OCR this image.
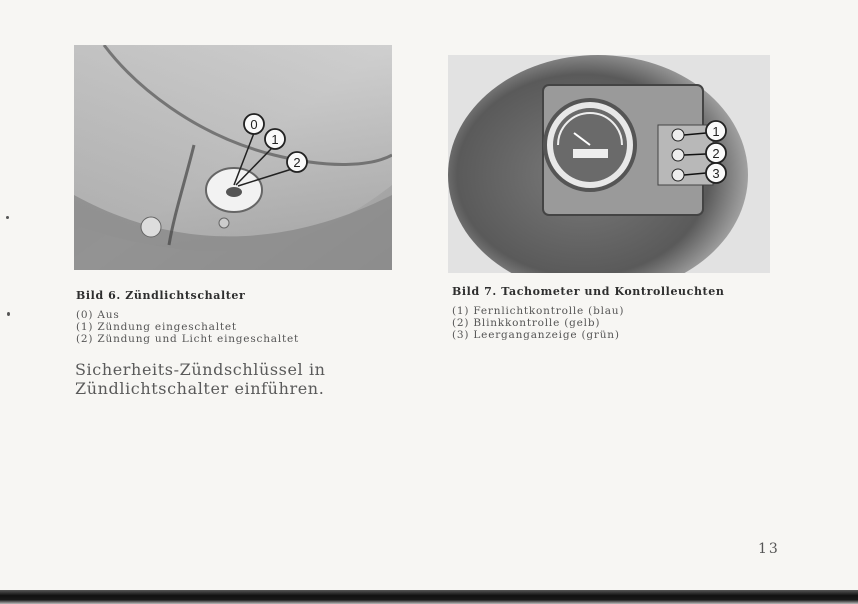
0
1
2
1
2
3
Bild 6. Zündlichtschalter
(0) Aus
(1) Zündung eingeschaltet
(2) Zündung und Licht eingeschaltet
Bild 7. Tachometer und Kontrolleuchten
(1) Fernlichtkontrolle (blau)
(2) Blinkkontrolle (gelb)
(3) Leerganganzeige (grün)
Sicherheits-Zündschlüssel in Zündlichtschalter einführen.
13
